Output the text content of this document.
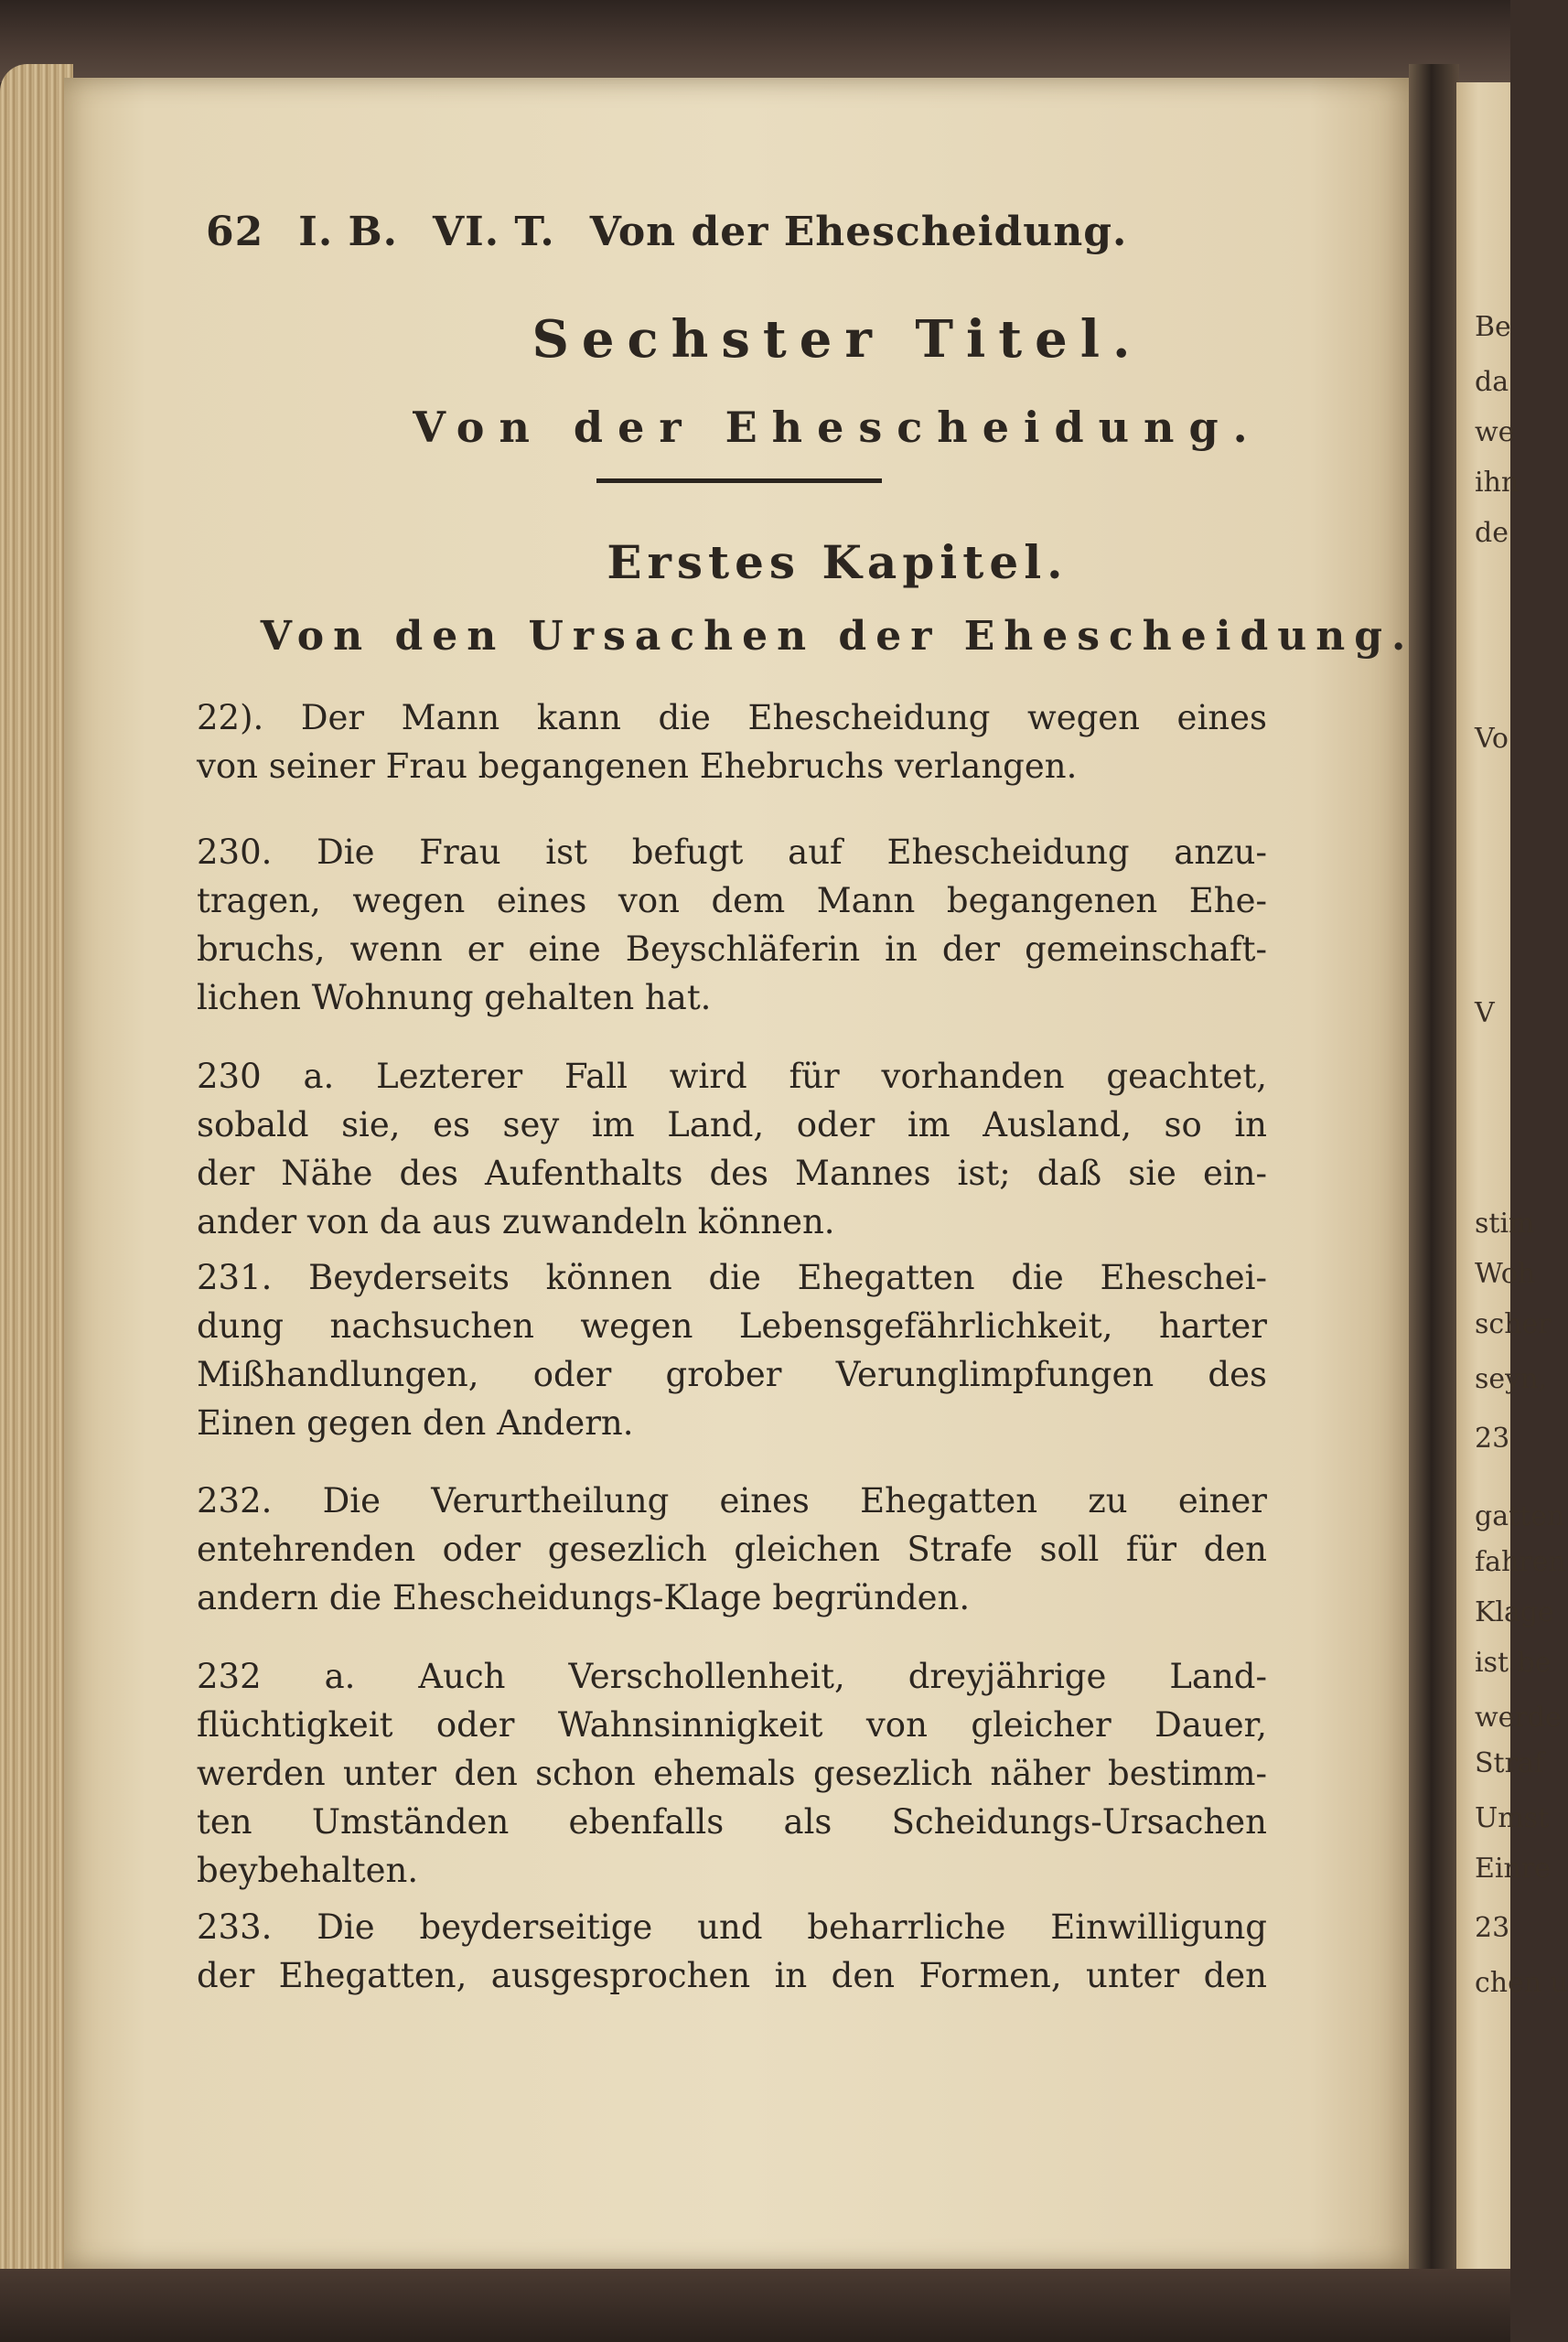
Be
da
we
ihn
de
Vo
V
stim
Woh
scher
seyn,
23
gatten
fahren
Klage
ist be
werde
Straf
Umst
Einre
23
chen u
62 I. B. VI. T. Von der Ehescheidung.
Sechster Titel.
Von der Ehescheidung.
Erstes Kapitel.
Von den Ursachen der Ehescheidung.
22). Der Mann kann die Ehescheidung wegen eines
von seiner Frau begangenen Ehebruchs verlangen.
230. Die Frau ist befugt auf Ehescheidung anzu-
tragen, wegen eines von dem Mann begangenen Ehe-
bruchs, wenn er eine Beyschläferin in der gemeinschaft-
lichen Wohnung gehalten hat.
230 a. Lezterer Fall wird für vorhanden geachtet,
sobald sie, es sey im Land, oder im Ausland, so in
der Nähe des Aufenthalts des Mannes ist; daß sie ein-
ander von da aus zuwandeln können.
231. Beyderseits können die Ehegatten die Eheschei-
dung nachsuchen wegen Lebensgefährlichkeit, harter
Mißhandlungen, oder grober Verunglimpfungen des
Einen gegen den Andern.
232. Die Verurtheilung eines Ehegatten zu einer
entehrenden oder gesezlich gleichen Strafe soll für den
andern die Ehescheidungs-Klage begründen.
232 a. Auch Verschollenheit, dreyjährige Land-
flüchtigkeit oder Wahnsinnigkeit von gleicher Dauer,
werden unter den schon ehemals gesezlich näher bestimm-
ten Umständen ebenfalls als Scheidungs-Ursachen
beybehalten.
233. Die beyderseitige und beharrliche Einwilligung
der Ehegatten, ausgesprochen in den Formen, unter den
